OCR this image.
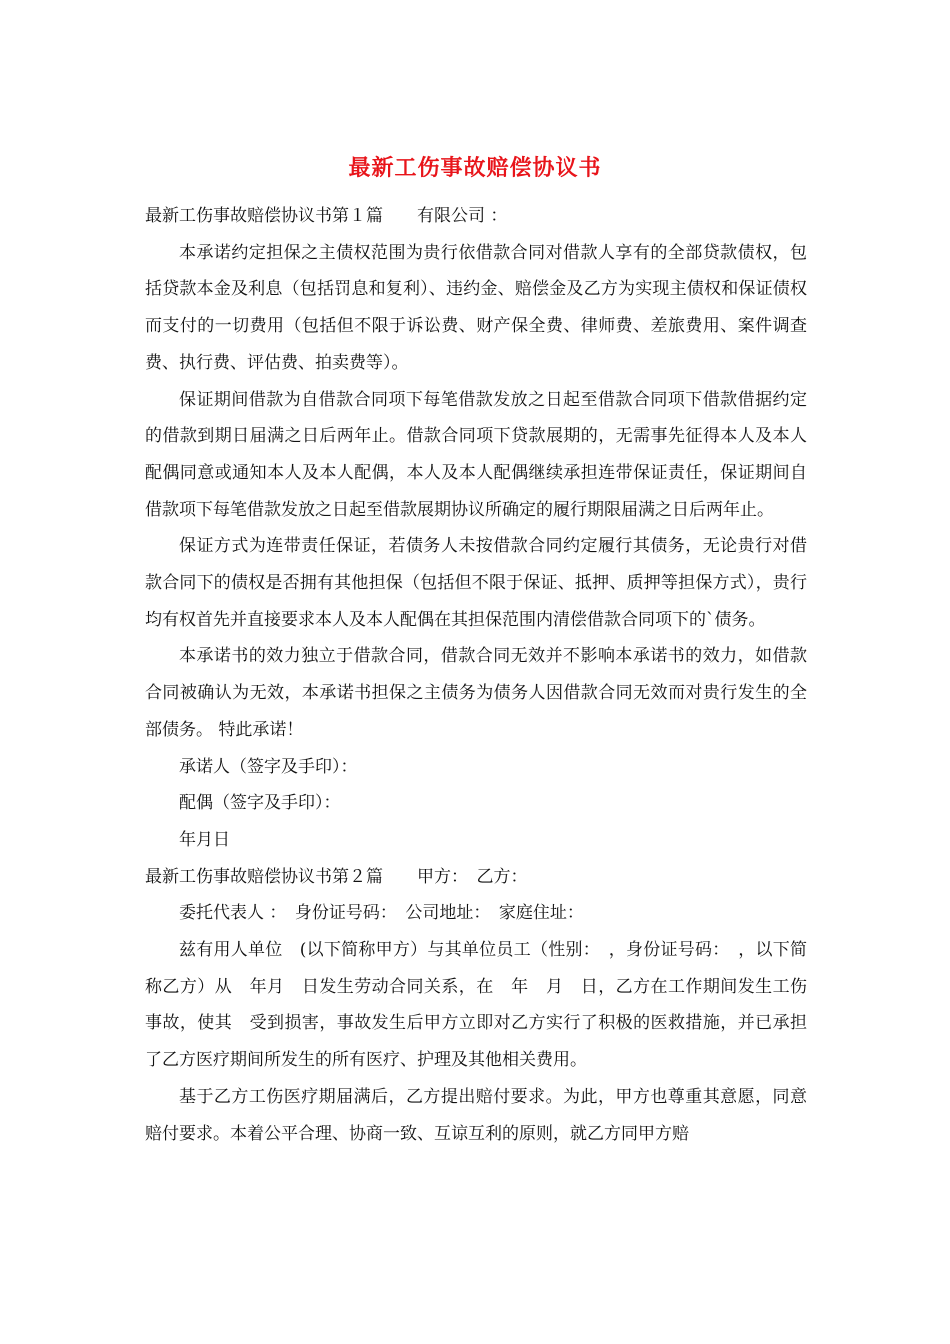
最新工伤事故赔偿协议书

最新工伤事故赔偿协议书第１篇　　有限公司 ：

本承诺约定担保之主债权范围为贵行依借款合同对借款人享有的全部贷款债权，包括贷款本金及利息（包括罚息和复利）、违约金、赔偿金及乙方为实现主债权和保证债权而支付的一切费用（包括但不限于诉讼费、财产保全费、律师费、差旅费用、案件调查费、执行费、评估费、拍卖费等）。

保证期间借款为自借款合同项下每笔借款发放之日起至借款合同项下借款借据约定的借款到期日届满之日后两年止。借款合同项下贷款展期的，无需事先征得本人及本人配偶同意或通知本人及本人配偶，本人及本人配偶继续承担连带保证责任，保证期间自借款项下每笔借款发放之日起至借款展期协议所确定的履行期限届满之日后两年止。

保证方式为连带责任保证，若债务人未按借款合同约定履行其债务，无论贵行对借款合同下的债权是否拥有其他担保（包括但不限于保证、抵押、质押等担保方式），贵行均有权首先并直接要求本人及本人配偶在其担保范围内清偿借款合同项下的`债务。

本承诺书的效力独立于借款合同，借款合同无效并不影响本承诺书的效力，如借款合同被确认为无效，本承诺书担保之主债务为债务人因借款合同无效而对贵行发生的全部债务。 特此承诺！

承诺人（签字及手印）：

配偶（签字及手印）：

年月日

最新工伤事故赔偿协议书第２篇　　甲方：　乙方：

委托代表人 ：　身份证号码：　公司地址：　家庭住址：

兹有用人单位　(以下简称甲方）与其单位员工（性别：　，身份证号码：　，以下简称乙方）从　年月　日发生劳动合同关系，在　年　月　日，乙方在工作期间发生工伤事故，使其　受到损害，事故发生后甲方立即对乙方实行了积极的医救措施，并已承担了乙方医疗期间所发生的所有医疗、护理及其他相关费用。

基于乙方工伤医疗期届满后，乙方提出赔付要求。为此，甲方也尊重其意愿，同意赔付要求。本着公平合理、协商一致、互谅互利的原则，就乙方同甲方赔
